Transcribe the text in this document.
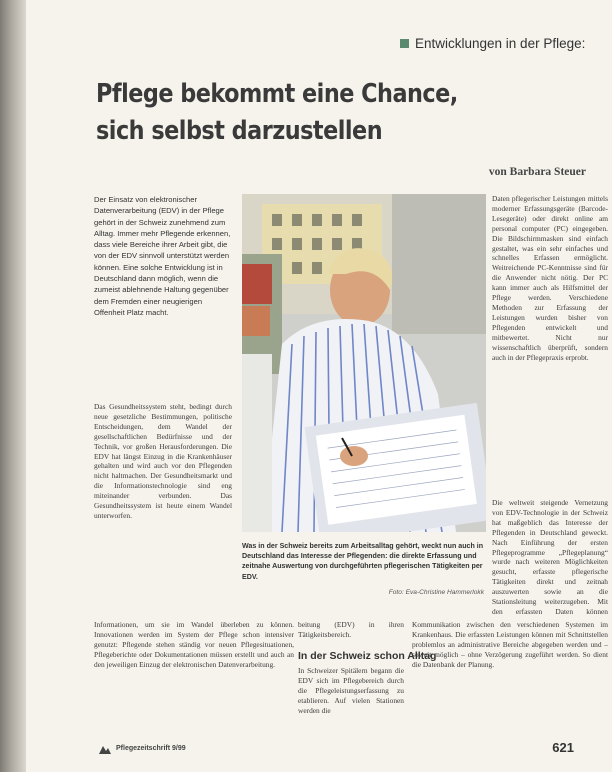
Entwicklungen in der Pflege:
Pflege bekommt eine Chance,
sich selbst darzustellen
von Barbara Steuer
Der Einsatz von elektronischer Datenverarbeitung (EDV) in der Pflege gehört in der Schweiz zunehmend zum Alltag. Immer mehr Pflegende erkennen, dass viele Bereiche ihrer Arbeit gibt, die von der EDV sinnvoll unterstützt werden können. Eine solche Entwicklung ist in Deutschland dann möglich, wenn die zumeist ablehnende Haltung gegenüber dem Fremden einer neugierigen Offenheit Platz macht.
Das Gesundheitssystem steht, bedingt durch neue gesetzliche Bestimmungen, politische Entscheidungen, dem Wandel der gesellschaftlichen Bedürfnisse und der Technik, vor großen Herausforderungen. Die EDV hat längst Einzug in die Krankenhäuser gehalten und wird auch vor den Pflegenden nicht haltmachen. Der Gesundheitsmarkt und die Informationstechnologie sind eng miteinander verbunden. Das Gesundheitssystem ist heute einem Wandel unterworfen.
Informationen, um sie im Wandel überleben zu können. Innovationen werden im System der Pflege schon intensiver genutzt: Pflegende stehen ständig vor neuen Pflegesituationen, Pflegeberichte oder Dokumentationen müssen erstellt und auch an den jeweiligen Einzug der elektronischen Datenverarbeitung.
Was in der Schweiz bereits zum Arbeitsalltag gehört, weckt nun auch in Deutschland das Interesse der Pflegenden: die direkte Erfassung und zeitnahe Auswertung von durchgeführten pflegerischen Tätigkeiten per EDV.
Foto: Eva-Christine Hammerlokk
beitung (EDV) in ihren Tätigkeitsbereich.
In der Schweiz schon Alltag
In Schweizer Spitälern begann die EDV sich im Pflegebereich durch die Pflegeleistungserfassung zu etablieren. Auf vielen Stationen werden die
Die weltweit steigende Vernetzung von EDV-Technologie in der Schweiz hat maßgeblich das Interesse der Pflegenden in Deutschland geweckt. Nach Einführung der ersten Pflegeprogramme „Pflegeplanung“ wurde nach weiteren Möglichkeiten gesucht, erfasste pflegerische Tätigkeiten direkt und zeitnah auszuwerten sowie an die Stationsleitung weiterzugeben. Mit den erfassten Daten können
Kommunikation zwischen den verschiedenen Systemen im Krankenhaus. Die erfassten Leistungen können mit Schnittstellen problemlos an administrative Bereiche abgegeben werden und – soweit möglich – ohne Verzögerung zugeführt werden. So dient die Datenbank der Planung.
Pflegezeitschrift 9/99	621
Daten pflegerischer Leistungen mittels moderner Erfassungsgeräte (Barcode-Lesegeräte) oder direkt online am personal computer (PC) eingegeben. Die Bildschirmmasken sind einfach gestaltet, was ein sehr einfaches und schnelles Erfassen ermöglicht. Weitreichende PC-Kenntnisse sind für die Anwender nicht nötig. Der PC kann immer auch als Hilfsmittel der Pflege werden. Verschiedene Methoden zur Erfassung der Leistungen wurden bisher von Pflegenden entwickelt und mitbewertet. Nicht nur wissenschaftlich überprüft, sondern auch in der Pflegepraxis erprobt.
